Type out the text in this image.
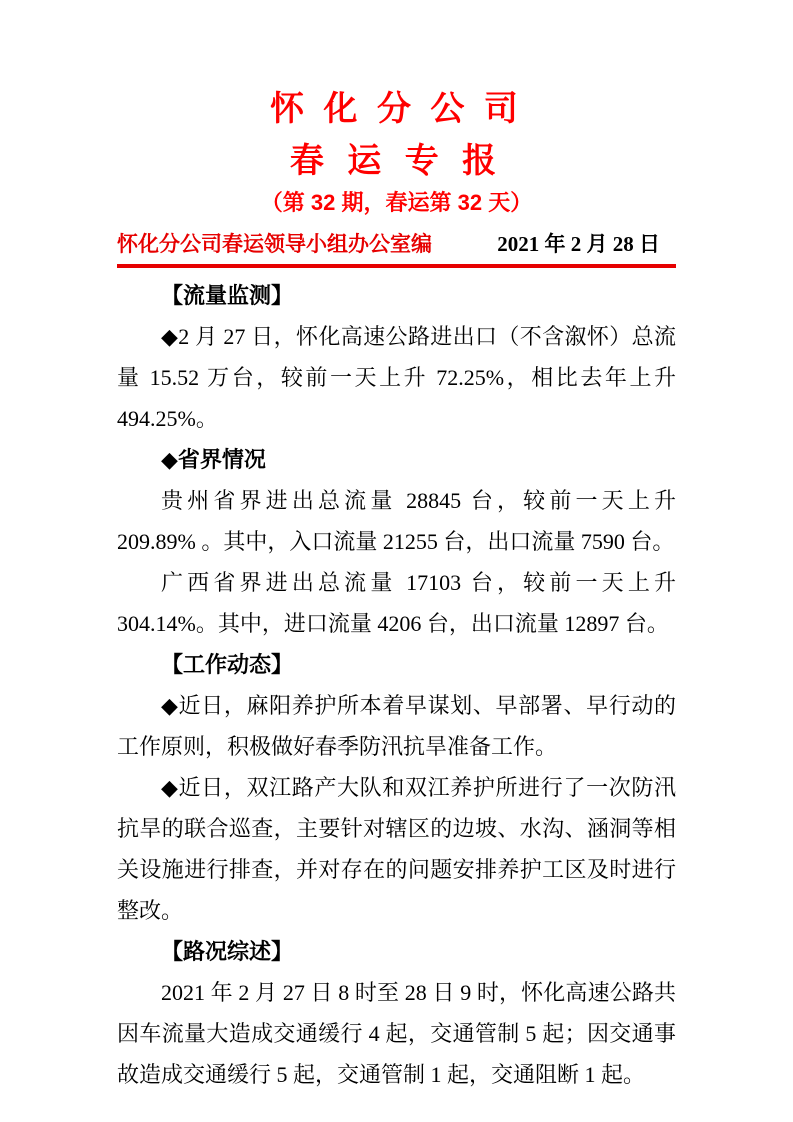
怀 化 分 公 司
春 运 专 报
（第 32 期，春运第 32 天）
怀化分公司春运领导小组办公室编	2021 年 2 月 28 日

【流量监测】

◆2 月 27 日，怀化高速公路进出口（不含溆怀）总流量 15.52 万台，较前一天上升 72.25%，相比去年上升 494.25%。

◆省界情况

贵州省界进出总流量 28845 台，较前一天上升 209.89% 。其中，入口流量 21255 台，出口流量 7590 台。

广西省界进出总流量 17103 台，较前一天上升 304.14%。其中，进口流量 4206 台，出口流量 12897 台。

【工作动态】

◆近日，麻阳养护所本着早谋划、早部署、早行动的工作原则，积极做好春季防汛抗旱准备工作。

◆近日，双江路产大队和双江养护所进行了一次防汛抗旱的联合巡查，主要针对辖区的边坡、水沟、涵洞等相关设施进行排查，并对存在的问题安排养护工区及时进行整改。

【路况综述】

2021 年 2 月 27 日 8 时至 28 日 9 时，怀化高速公路共因车流量大造成交通缓行 4 起，交通管制 5 起；因交通事故造成交通缓行 5 起，交通管制 1 起，交通阻断 1 起。
